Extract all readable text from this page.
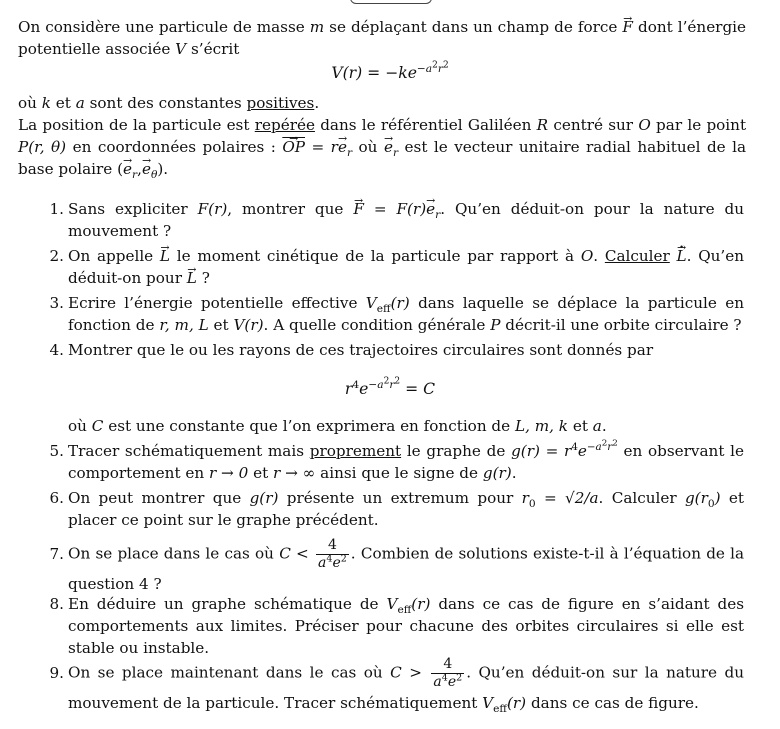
On considère une particule de masse m se déplaçant dans un champ de force → F dont l’énergie potentielle associée V s’écrit
$V(r) = -ke^{-a^2r^2}$
où k et a sont des constantes positives.
La position de la particule est repérée dans le référentiel Galiléen R centré sur O par le point P(r, θ) en coordonnées polaires : → $\overline{OP} = r\to e_r$ où → $e_r$ est le vecteur unitaire radial habituel de la base polaire (→ $e_r,\to e_\theta$).
1. Sans expliciter F(r), montrer que → $F = F(r)\to e_r$. Qu’en déduit-on pour la nature du mouvement ?
2. On appelle → L le moment cinétique de la particule par rapport à O. Calculer → L •. Qu’en déduit-on pour → L ?
3. Ecrire l’énergie potentielle effective $V_{eff}(r)$ dans laquelle se déplace la particule en fonction de r, m, L et V(r). A quelle condition générale P décrit-il une orbite circulaire ?
4. Montrer que le ou les rayons de ces trajectoires circulaires sont donnés par
$r^4e^{-a^2r^2} = C$
où C est une constante que l’on exprimera en fonction de L, m, k et a.
5. Tracer schématiquement mais proprement le graphe de $g(r) = r^4e^{-a^2r^2}$ en observant le comportement en r → 0 et r → ∞ ainsi que le signe de g(r).
6. On peut montrer que g(r) présente un extremum pour $r_0 = √2/a$. Calculer $g(r_0)$ et placer ce point sur le graphe précédent.
7. On se place dans le cas où $C < \frac{4}{a^4e^2}$ . Combien de solutions existe-t-il à l’équation de la question 4 ?
8. En déduire un graphe schématique de $V_{eff}(r)$ dans ce cas de figure en s’aidant des comportements aux limites. Préciser pour chacune des orbites circulaires si elle est stable ou instable.
9. On se place maintenant dans le cas où $C > \frac{4}{a^4e^2}$ . Qu’en déduit-on sur la nature du mouvement de la particule. Tracer schématiquement $V_{eff}(r)$ dans ce cas de figure.
